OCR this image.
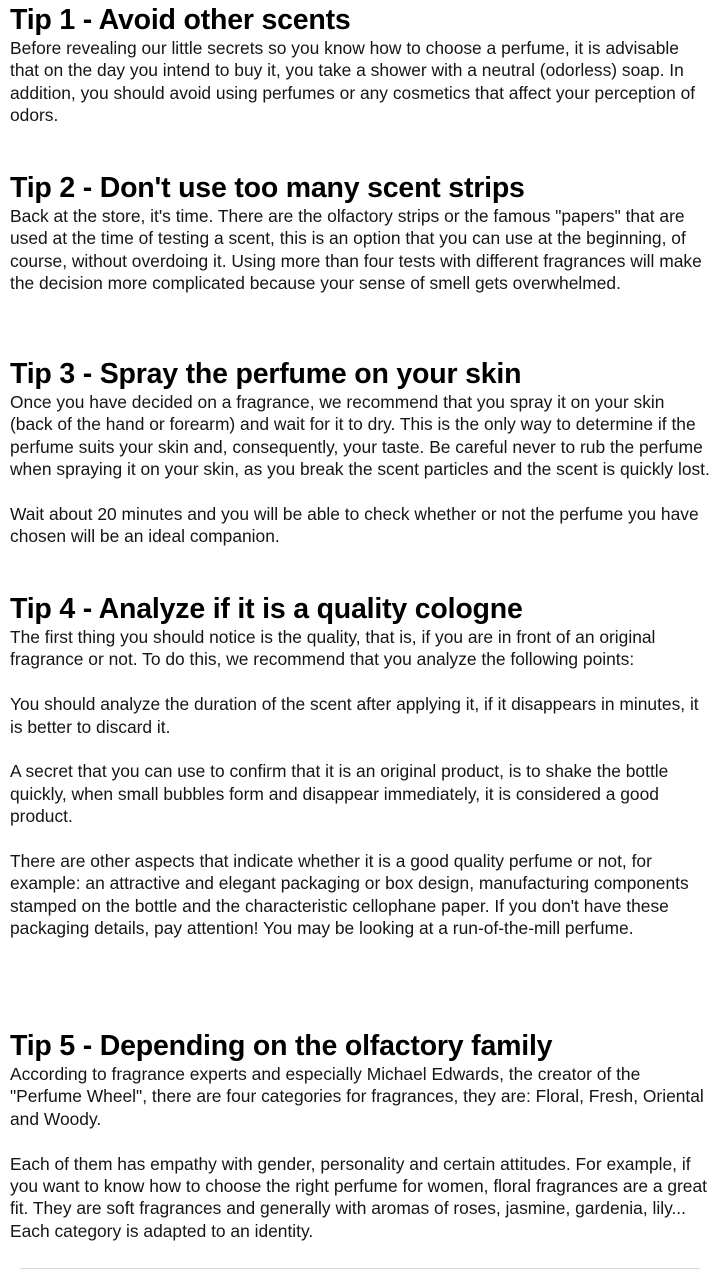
Tip 1 - Avoid other scents

Before revealing our little secrets so you know how to choose a perfume, it is advisable that on the day you intend to buy it, you take a shower with a neutral (odorless) soap. In addition, you should avoid using perfumes or any cosmetics that affect your perception of odors.

Tip 2 - Don't use too many scent strips

Back at the store, it's time. There are the olfactory strips or the famous "papers" that are used at the time of testing a scent, this is an option that you can use at the beginning, of course, without overdoing it. Using more than four tests with different fragrances will make the decision more complicated because your sense of smell gets overwhelmed.

Tip 3 - Spray the perfume on your skin

Once you have decided on a fragrance, we recommend that you spray it on your skin (back of the hand or forearm) and wait for it to dry. This is the only way to determine if the perfume suits your skin and, consequently, your taste. Be careful never to rub the perfume when spraying it on your skin, as you break the scent particles and the scent is quickly lost.

Wait about 20 minutes and you will be able to check whether or not the perfume you have chosen will be an ideal companion.

Tip 4 - Analyze if it is a quality cologne

The first thing you should notice is the quality, that is, if you are in front of an original fragrance or not. To do this, we recommend that you analyze the following points:

You should analyze the duration of the scent after applying it, if it disappears in minutes, it is better to discard it.

A secret that you can use to confirm that it is an original product, is to shake the bottle quickly, when small bubbles form and disappear immediately, it is considered a good product.

There are other aspects that indicate whether it is a good quality perfume or not, for example: an attractive and elegant packaging or box design, manufacturing components stamped on the bottle and the characteristic cellophane paper. If you don't have these packaging details, pay attention! You may be looking at a run-of-the-mill perfume.

Tip 5 - Depending on the olfactory family

According to fragrance experts and especially Michael Edwards, the creator of the "Perfume Wheel", there are four categories for fragrances, they are: Floral, Fresh, Oriental and Woody.

Each of them has empathy with gender, personality and certain attitudes. For example, if you want to know how to choose the right perfume for women, floral fragrances are a great fit. They are soft fragrances and generally with aromas of roses, jasmine, gardenia, lily... Each category is adapted to an identity.
